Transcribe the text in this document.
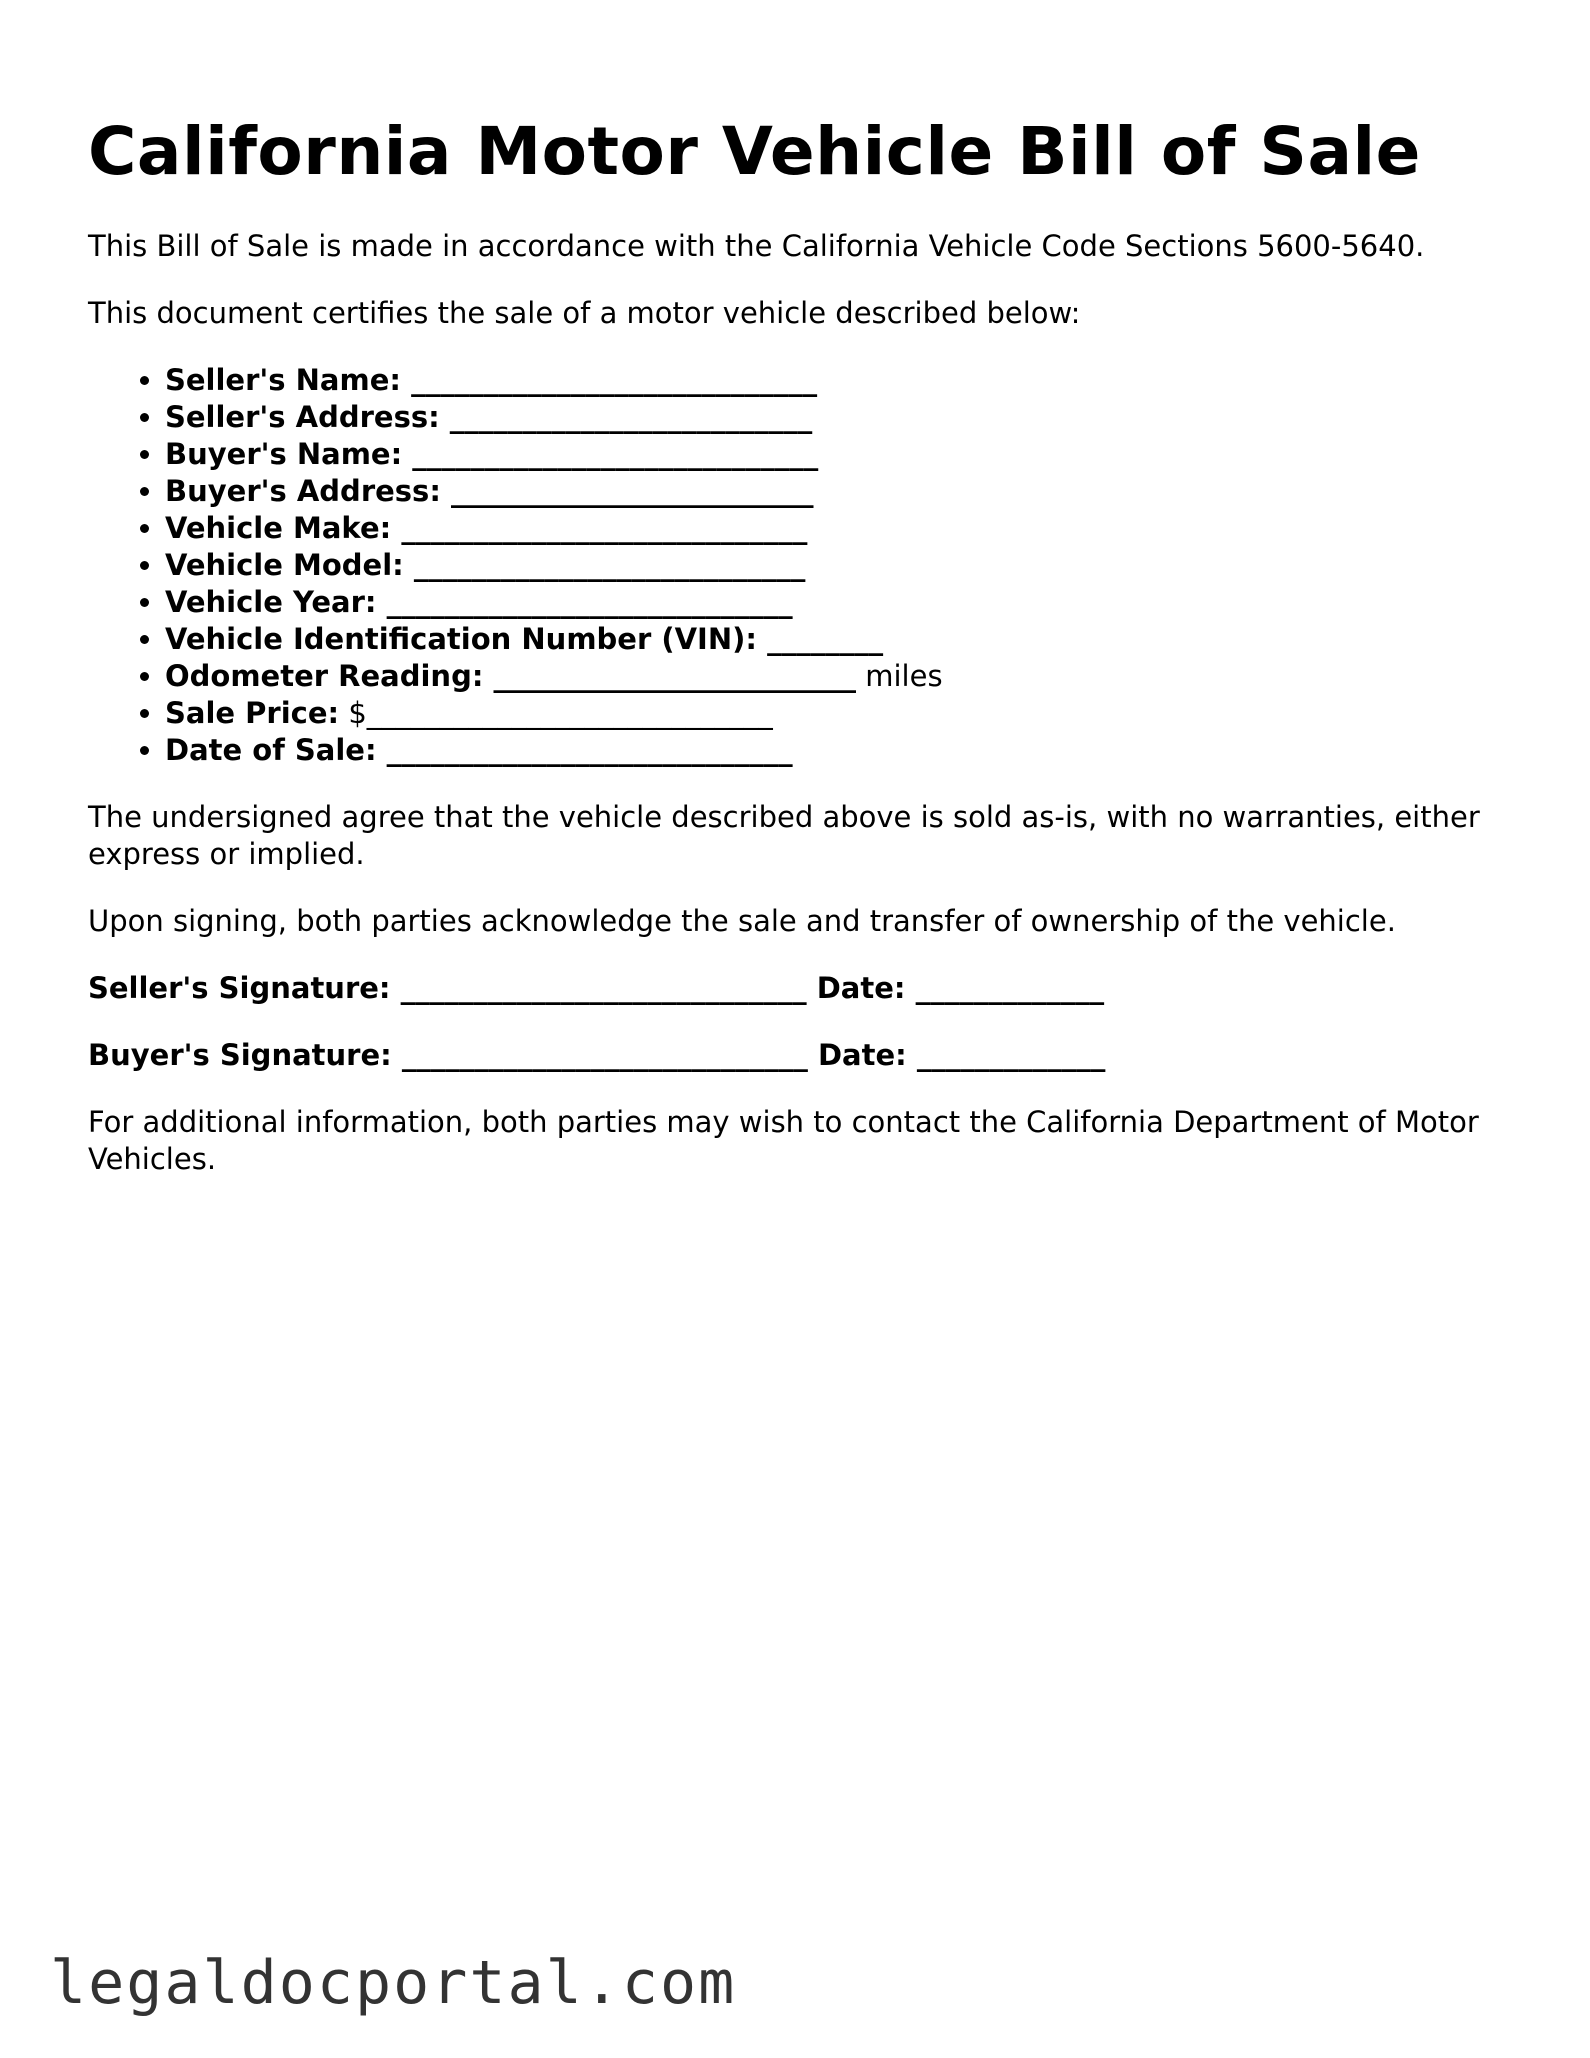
California Motor Vehicle Bill of Sale

This Bill of Sale is made in accordance with the California Vehicle Code Sections 5600-5640.

This document certifies the sale of a motor vehicle described below:

• Seller's Name: ____________________________
• Seller's Address: _________________________
• Buyer's Name: ____________________________
• Buyer's Address: _________________________
• Vehicle Make: ____________________________
• Vehicle Model: ___________________________
• Vehicle Year: ____________________________
• Vehicle Identification Number (VIN): ________
• Odometer Reading: _________________________ miles
• Sale Price: $____________________________
• Date of Sale: ____________________________

The undersigned agree that the vehicle described above is sold as-is, with no warranties, either express or implied.

Upon signing, both parties acknowledge the sale and transfer of ownership of the vehicle.

Seller's Signature: ____________________________ Date: _____________
Buyer's Signature: ____________________________ Date: _____________

For additional information, both parties may wish to contact the California Department of Motor Vehicles.

legaldocportal.com
